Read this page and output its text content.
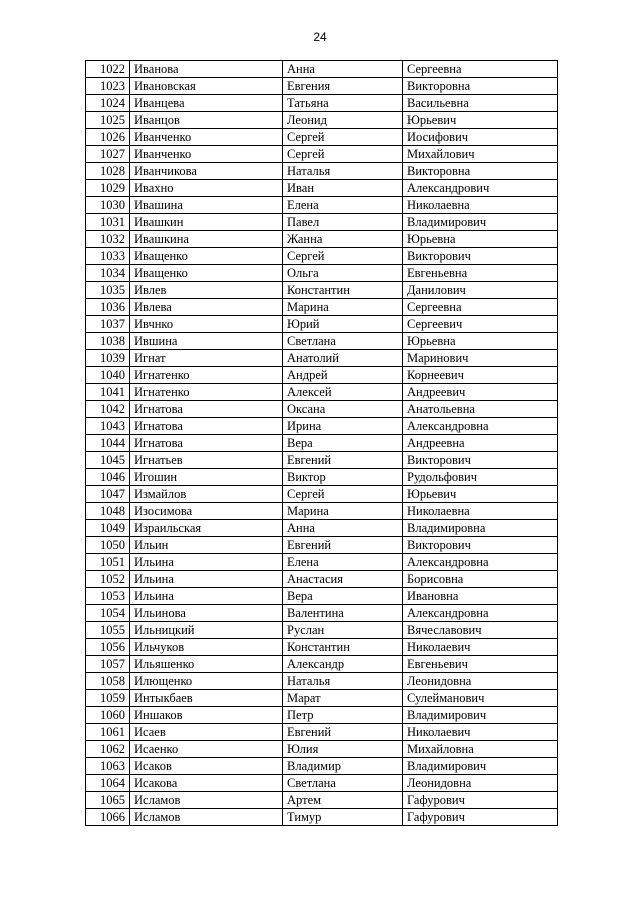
24
1022	Иванова	Анна	Сергеевна
1023	Ивановская	Евгения	Викторовна
1024	Иванцева	Татьяна	Васильевна
1025	Иванцов	Леонид	Юрьевич
1026	Иванченко	Сергей	Иосифович
1027	Иванченко	Сергей	Михайлович
1028	Иванчикова	Наталья	Викторовна
1029	Ивахно	Иван	Александрович
1030	Ивашина	Елена	Николаевна
1031	Ивашкин	Павел	Владимирович
1032	Ивашкина	Жанна	Юрьевна
1033	Иващенко	Сергей	Викторович
1034	Иващенко	Ольга	Евгеньевна
1035	Ивлев	Константин	Данилович
1036	Ивлева	Марина	Сергеевна
1037	Ивчнко	Юрий	Сергеевич
1038	Ившина	Светлана	Юрьевна
1039	Игнат	Анатолий	Маринович
1040	Игнатенко	Андрей	Корнеевич
1041	Игнатенко	Алексей	Андреевич
1042	Игнатова	Оксана	Анатольевна
1043	Игнатова	Ирина	Александровна
1044	Игнатова	Вера	Андреевна
1045	Игнатьев	Евгений	Викторович
1046	Игошин	Виктор	Рудольфович
1047	Измайлов	Сергей	Юрьевич
1048	Изосимова	Марина	Николаевна
1049	Израильская	Анна	Владимировна
1050	Ильин	Евгений	Викторович
1051	Ильина	Елена	Александровна
1052	Ильина	Анастасия	Борисовна
1053	Ильина	Вера	Ивановна
1054	Ильинова	Валентина	Александровна
1055	Ильницкий	Руслан	Вячеславович
1056	Ильчуков	Константин	Николаевич
1057	Ильяшенко	Александр	Евгеньевич
1058	Илющенко	Наталья	Леонидовна
1059	Интыкбаев	Марат	Сулейманович
1060	Иншаков	Петр	Владимирович
1061	Исаев	Евгений	Николаевич
1062	Исаенко	Юлия	Михайловна
1063	Исаков	Владимир	Владимирович
1064	Исакова	Светлана	Леонидовна
1065	Исламов	Артем	Гафурович
1066	Исламов	Тимур	Гафурович
